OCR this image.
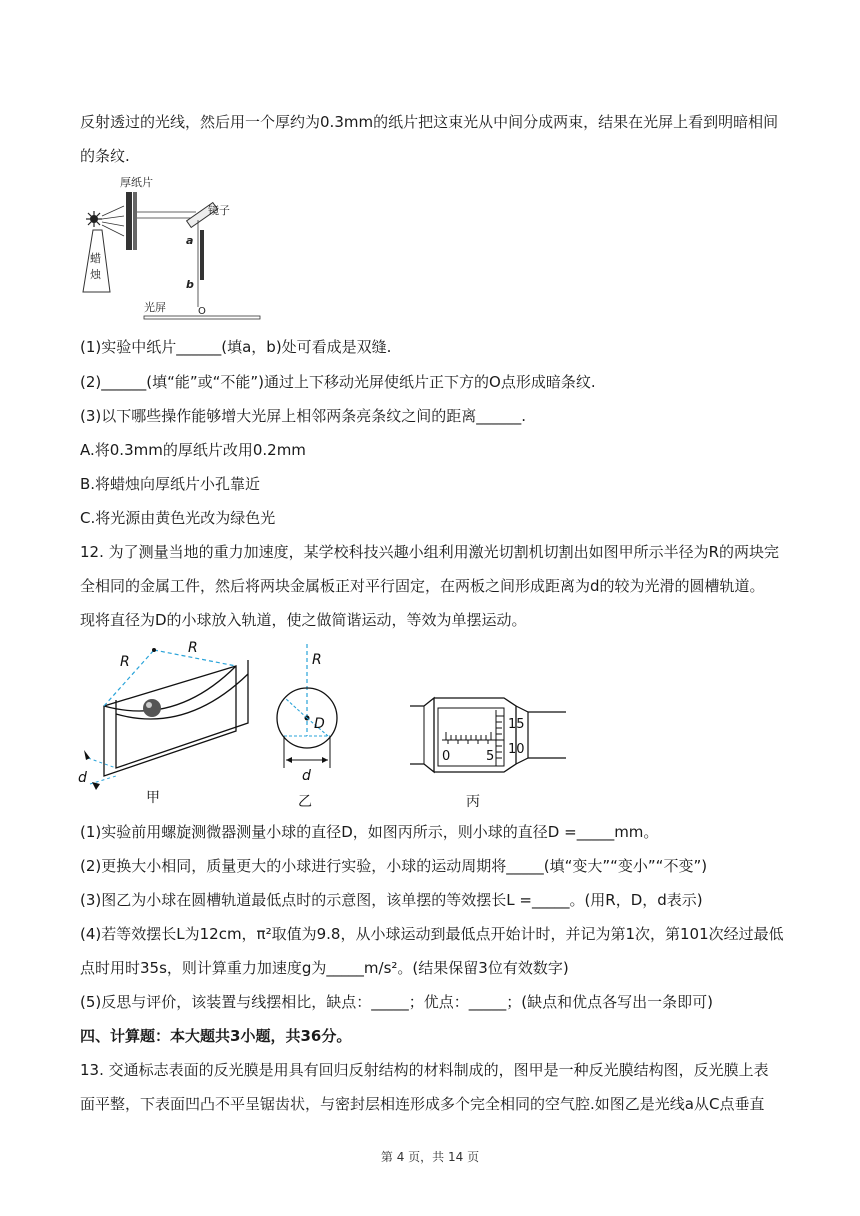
反射透过的光线，然后用一个厚约为0.3mm的纸片把这束光从中间分成两束，结果在光屏上看到明暗相间
的条纹.
蜡
烛
厚纸片
镜子
a
b
光屏	O
(1)实验中纸片______(填a，b)处可看成是双缝.
(2)______(填“能”或“不能”)通过上下移动光屏使纸片正下方的O点形成暗条纹.
(3)以下哪些操作能够增大光屏上相邻两条亮条纹之间的距离______.
A.将0.3mm的厚纸片改用0.2mm
B.将蜡烛向厚纸片小孔靠近
C.将光源由黄色光改为绿色光
12. 为了测量当地的重力加速度，某学校科技兴趣小组利用激光切割机切割出如图甲所示半径为R的两块完
全相同的金属工件，然后将两块金属板正对平行固定，在两板之间形成距离为d的较为光滑的圆槽轨道。
现将直径为D的小球放入轨道，使之做简谐运动，等效为单摆运动。
R
R
d
甲
R
D
d
乙
15
10
0	5
丙
(1)实验前用螺旋测微器测量小球的直径D，如图丙所示，则小球的直径D =_____mm。
(2)更换大小相同，质量更大的小球进行实验，小球的运动周期将_____(填“变大”“变小”“不变”)
(3)图乙为小球在圆槽轨道最低点时的示意图，该单摆的等效摆长L =_____。(用R，D，d表示)
(4)若等效摆长L为12cm，π²取值为9.8，从小球运动到最低点开始计时，并记为第1次，第101次经过最低
点时用时35s，则计算重力加速度g为_____m/s²。(结果保留3位有效数字)
(5)反思与评价，该装置与线摆相比，缺点：_____；优点：_____；(缺点和优点各写出一条即可)
四、计算题：本大题共3小题，共36分。
13. 交通标志表面的反光膜是用具有回归反射结构的材料制成的，图甲是一种反光膜结构图，反光膜上表
面平整，下表面凹凸不平呈锯齿状，与密封层相连形成多个完全相同的空气腔.如图乙是光线a从C点垂直
第 4 页，共 14 页
